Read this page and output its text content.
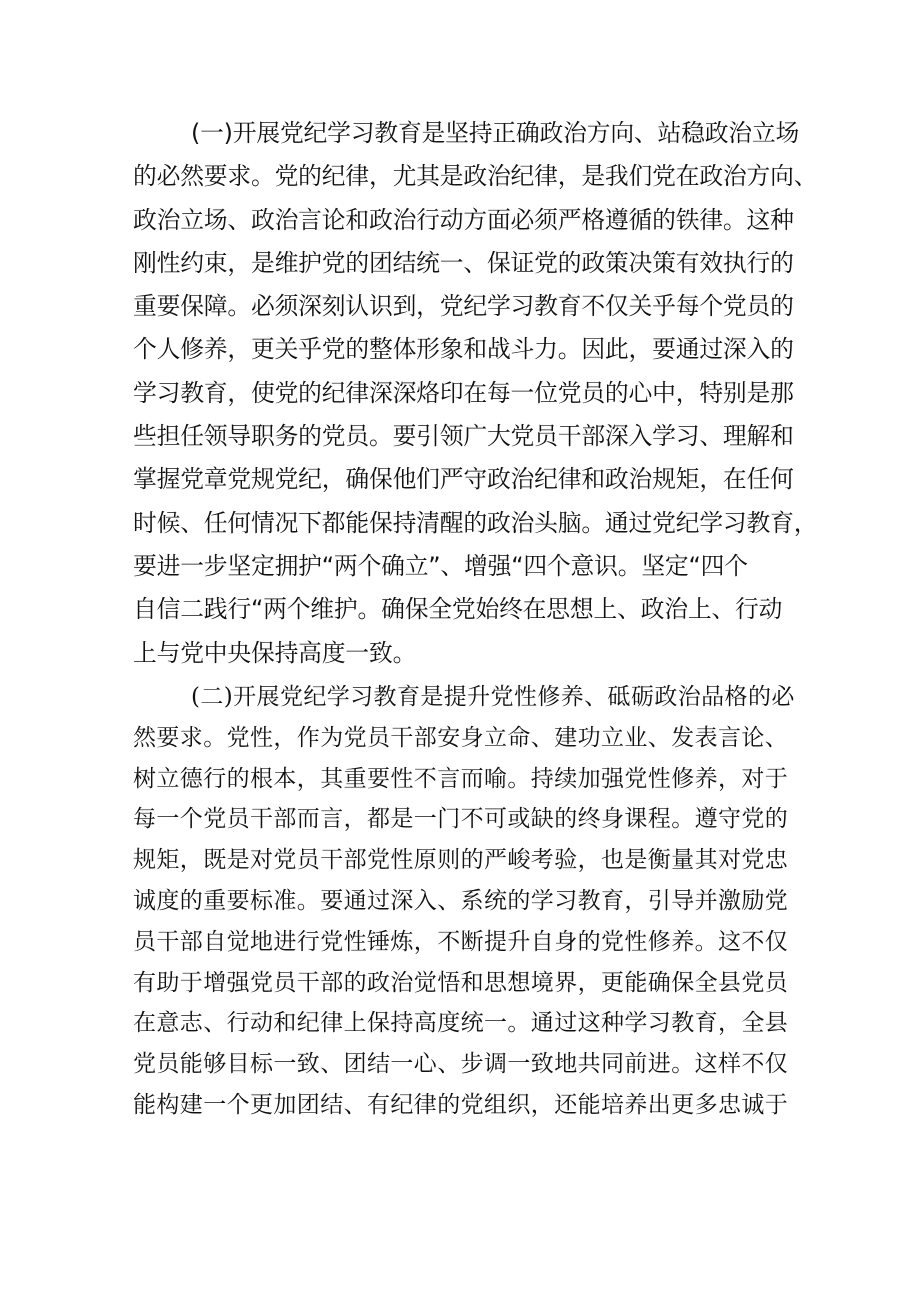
(一)开展党纪学习教育是坚持正确政治方向、站稳政治立场
的必然要求。党的纪律，尤其是政治纪律，是我们党在政治方向、
政治立场、政治言论和政治行动方面必须严格遵循的铁律。这种
刚性约束，是维护党的团结统一、保证党的政策决策有效执行的
重要保障。必须深刻认识到，党纪学习教育不仅关乎每个党员的
个人修养，更关乎党的整体形象和战斗力。因此，要通过深入的
学习教育，使党的纪律深深烙印在每一位党员的心中，特别是那
些担任领导职务的党员。要引领广大党员干部深入学习、理解和
掌握党章党规党纪，确保他们严守政治纪律和政治规矩，在任何
时候、任何情况下都能保持清醒的政治头脑。通过党纪学习教育，
要进一步坚定拥护“两个确立”、增强“四个意识。坚定“四个
自信二践行“两个维护。确保全党始终在思想上、政治上、行动
上与党中央保持高度一致。
(二)开展党纪学习教育是提升党性修养、砥砺政治品格的必
然要求。党性，作为党员干部安身立命、建功立业、发表言论、
树立德行的根本，其重要性不言而喻。持续加强党性修养，对于
每一个党员干部而言，都是一门不可或缺的终身课程。遵守党的
规矩，既是对党员干部党性原则的严峻考验，也是衡量其对党忠
诚度的重要标准。要通过深入、系统的学习教育，引导并激励党
员干部自觉地进行党性锤炼，不断提升自身的党性修养。这不仅
有助于增强党员干部的政治觉悟和思想境界，更能确保全县党员
在意志、行动和纪律上保持高度统一。通过这种学习教育，全县
党员能够目标一致、团结一心、步调一致地共同前进。这样不仅
能构建一个更加团结、有纪律的党组织，还能培养出更多忠诚于
